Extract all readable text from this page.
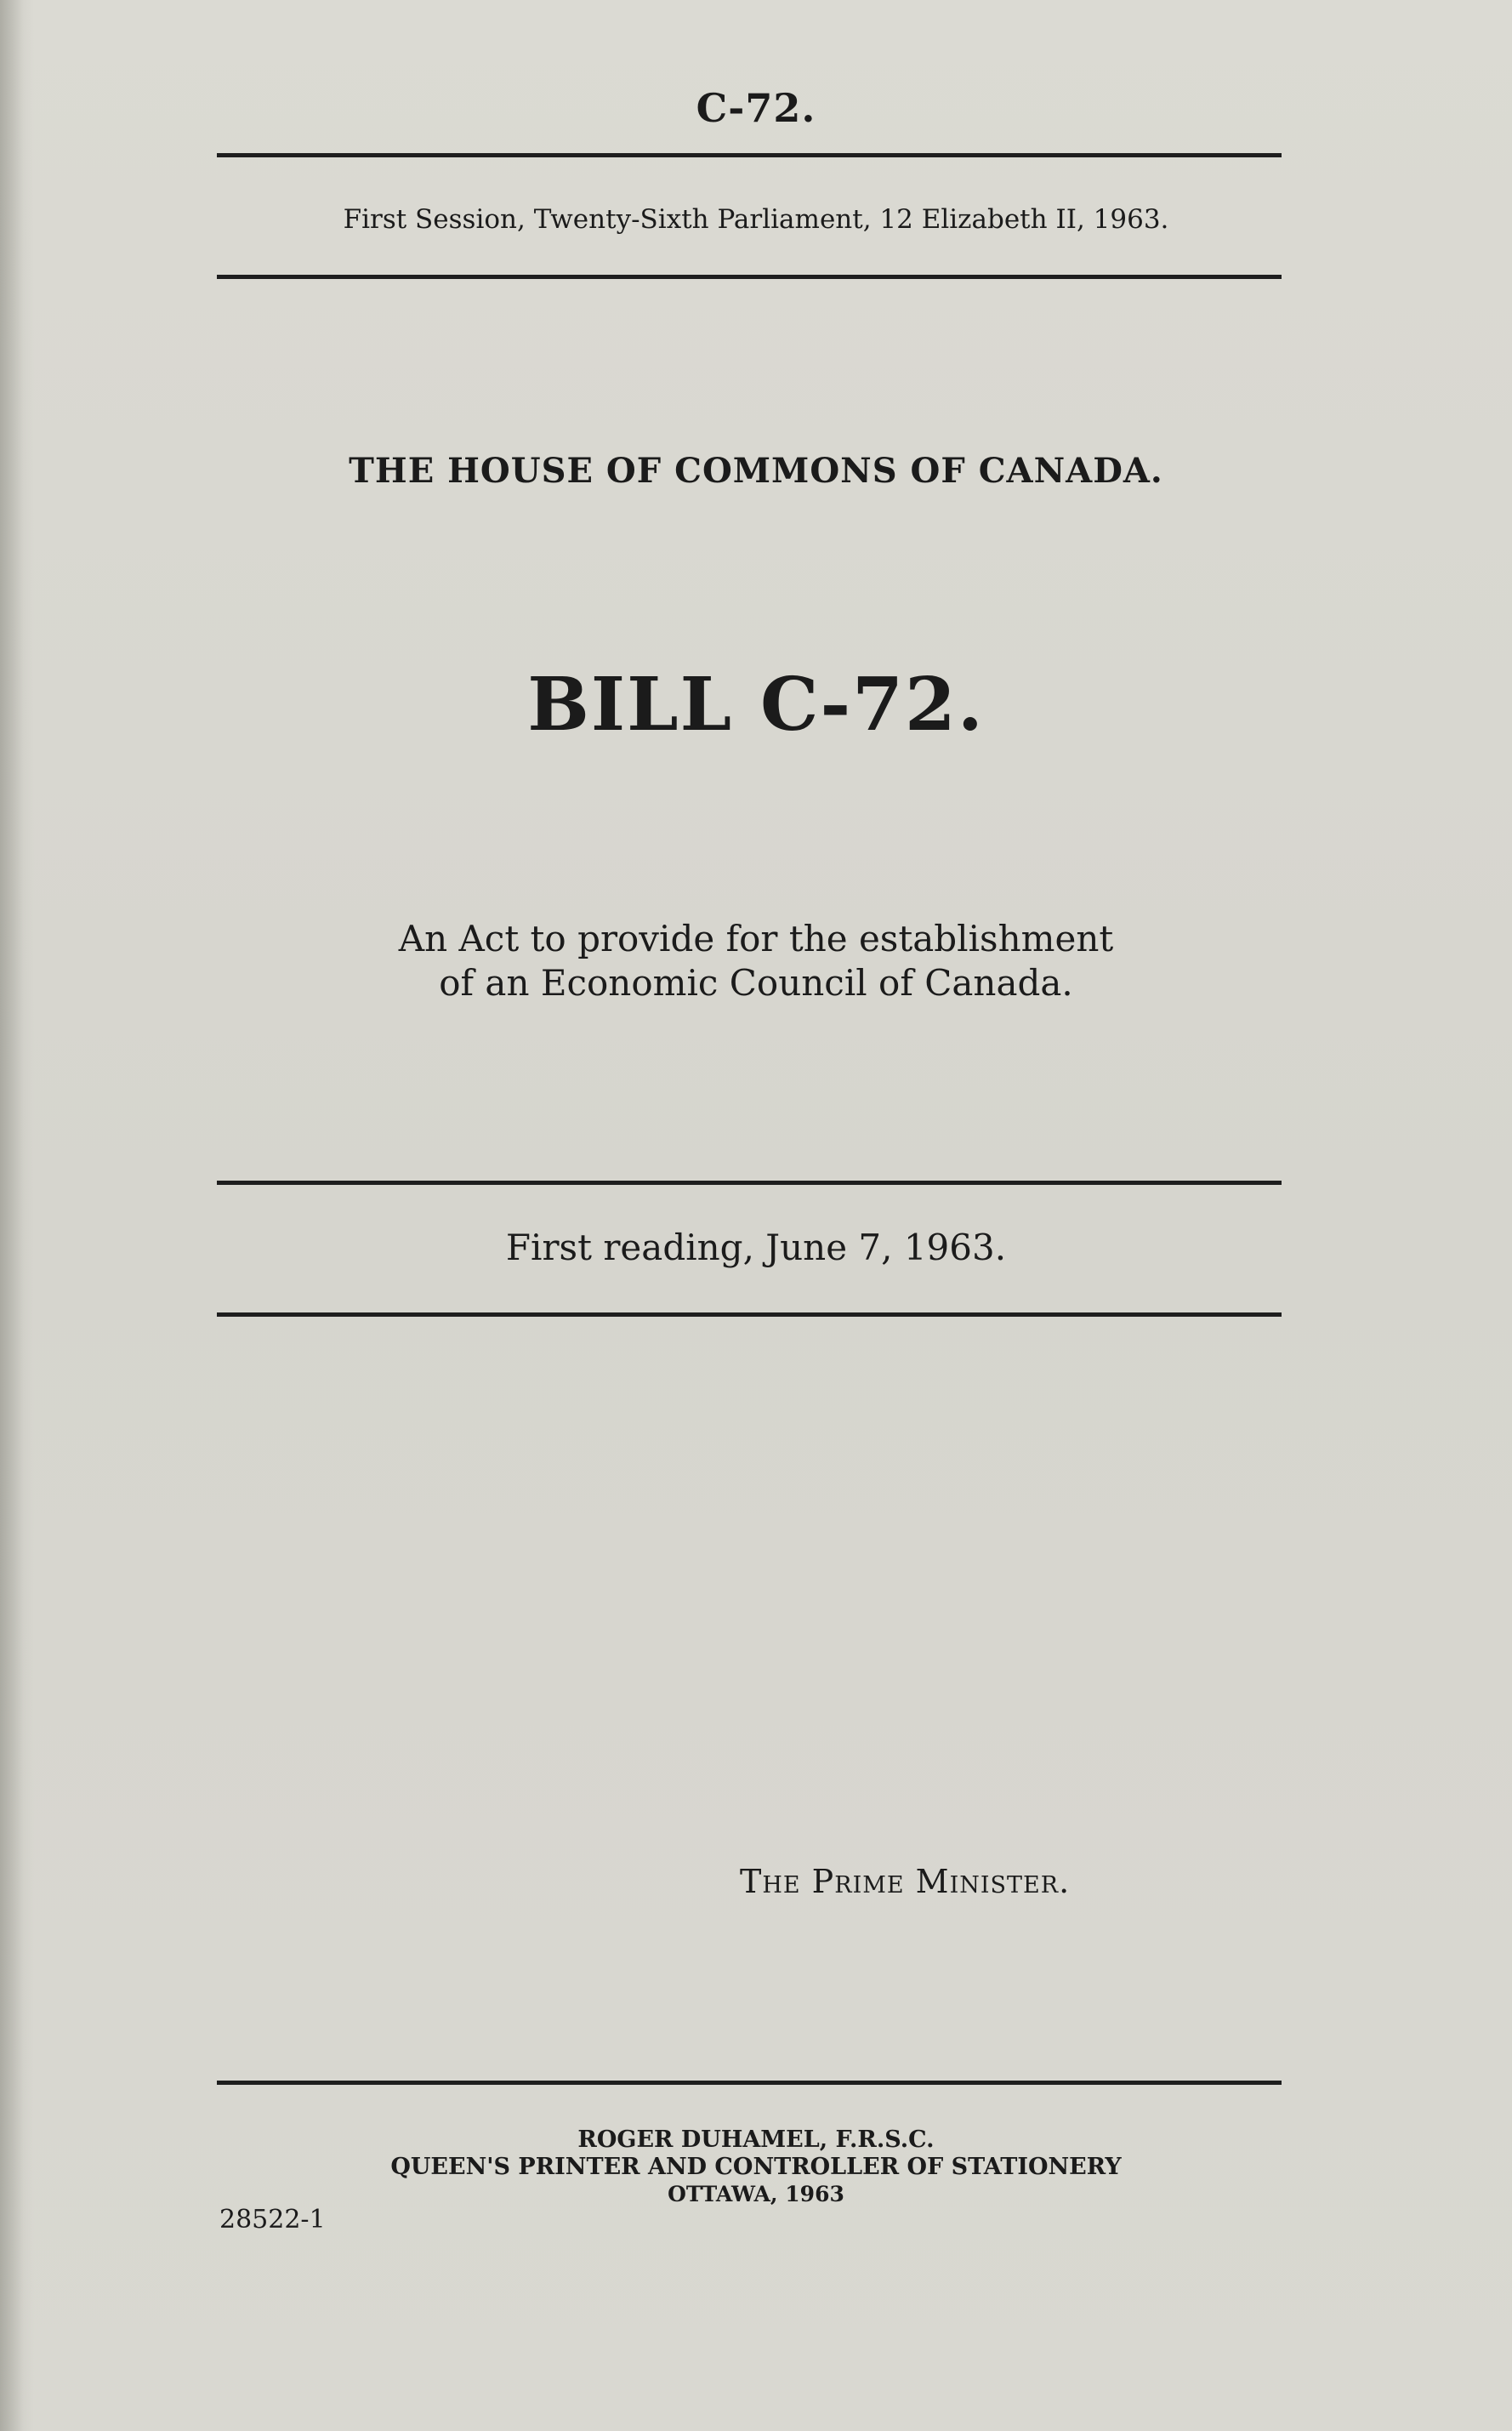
C-72.
First Session, Twenty-Sixth Parliament, 12 Elizabeth II, 1963.
THE HOUSE OF COMMONS OF CANADA.
BILL C-72.
An Act to provide for the establishment
of an Economic Council of Canada.
First reading, June 7, 1963.
The Prime Minister.
ROGER DUHAMEL, F.R.S.C.
QUEEN'S PRINTER AND CONTROLLER OF STATIONERY
OTTAWA, 1963
28522-1
